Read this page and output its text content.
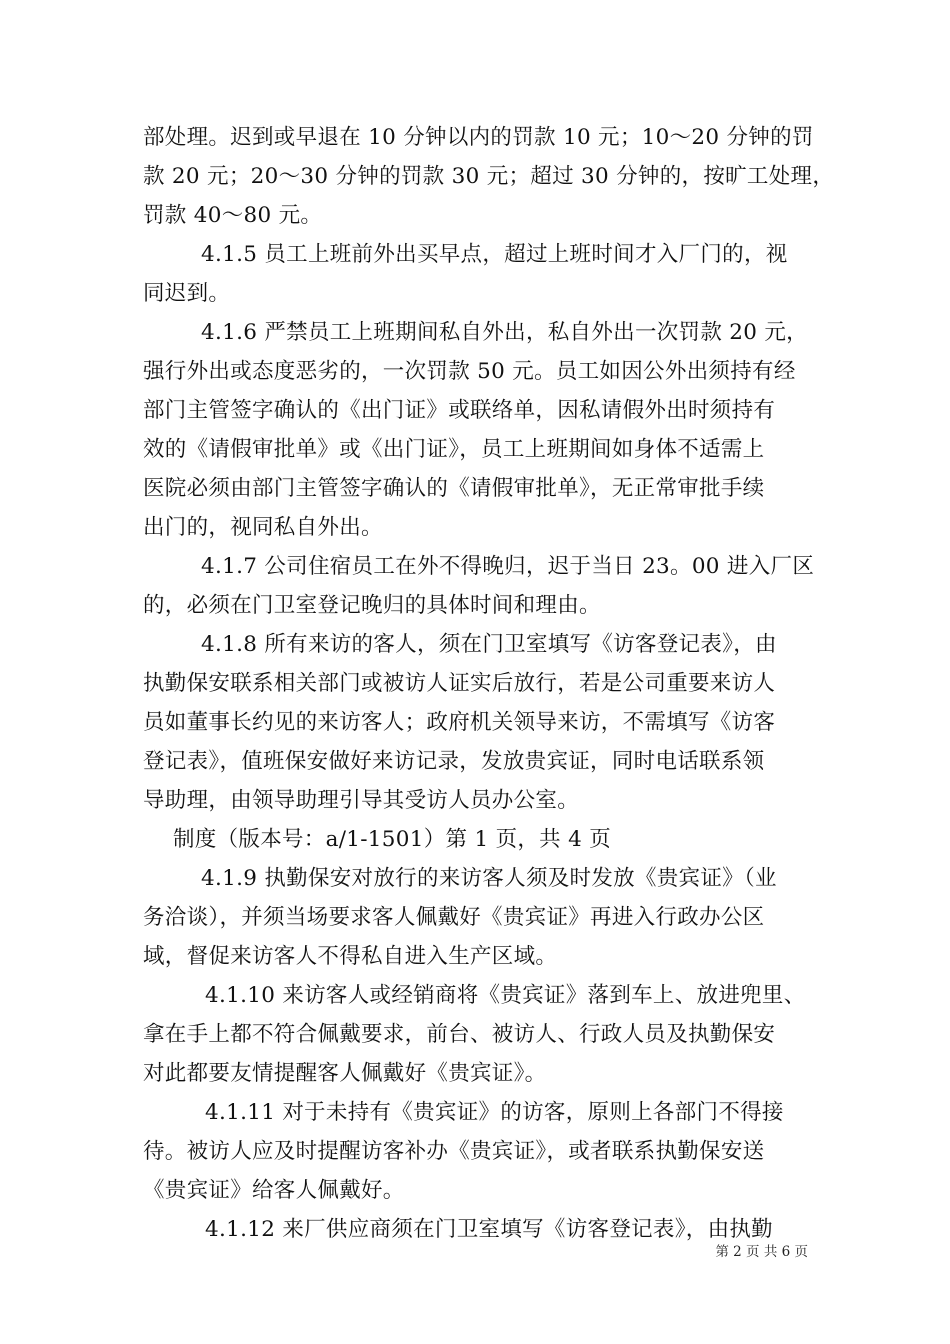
部处理。迟到或早退在 10 分钟以内的罚款 10 元；10～20 分钟的罚
款 20 元；20～30 分钟的罚款 30 元；超过 30 分钟的，按旷工处理，
罚款 40～80 元。
4.1.5 员工上班前外出买早点，超过上班时间才入厂门的，视
同迟到。
4.1.6 严禁员工上班期间私自外出，私自外出一次罚款 20 元，
强行外出或态度恶劣的，一次罚款 50 元。员工如因公外出须持有经
部门主管签字确认的《出门证》或联络单，因私请假外出时须持有
效的《请假审批单》或《出门证》，员工上班期间如身体不适需上
医院必须由部门主管签字确认的《请假审批单》，无正常审批手续
出门的，视同私自外出。
4.1.7 公司住宿员工在外不得晚归，迟于当日 23。00 进入厂区
的，必须在门卫室登记晚归的具体时间和理由。
4.1.8 所有来访的客人，须在门卫室填写《访客登记表》，由
执勤保安联系相关部门或被访人证实后放行，若是公司重要来访人
员如董事长约见的来访客人；政府机关领导来访，不需填写《访客
登记表》，值班保安做好来访记录，发放贵宾证，同时电话联系领
导助理，由领导助理引导其受访人员办公室。
制度（版本号：a/1-1501）第 1 页，共 4 页
4.1.9 执勤保安对放行的来访客人须及时发放《贵宾证》（业
务洽谈），并须当场要求客人佩戴好《贵宾证》再进入行政办公区
域，督促来访客人不得私自进入生产区域。
4.1.10 来访客人或经销商将《贵宾证》落到车上、放进兜里、
拿在手上都不符合佩戴要求，前台、被访人、行政人员及执勤保安
对此都要友情提醒客人佩戴好《贵宾证》。
4.1.11 对于未持有《贵宾证》的访客，原则上各部门不得接
待。被访人应及时提醒访客补办《贵宾证》，或者联系执勤保安送
《贵宾证》给客人佩戴好。
4.1.12 来厂供应商须在门卫室填写《访客登记表》，由执勤
第 2 页 共 6 页
